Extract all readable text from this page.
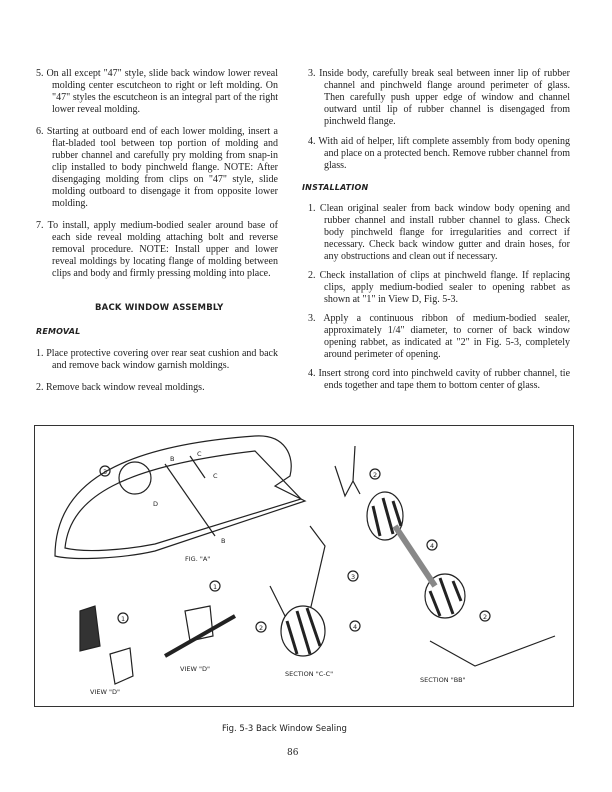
5. On all except "47" style, slide back window lower reveal molding center escutcheon to right or left molding. On "47" styles the escutcheon is an integral part of the right lower reveal molding.

6. Starting at outboard end of each lower molding, insert a flat-bladed tool between top portion of molding and rubber channel and carefully pry molding from snap-in clip installed to body pinchweld flange. NOTE: After disengaging molding from clips on "47" style, slide molding outboard to disengage it from opposite lower molding.

7. To install, apply medium-bodied sealer around base of each side reveal molding attaching bolt and reverse removal procedure. NOTE: Install upper and lower reveal moldings by locating flange of molding between clips and body and firmly pressing molding into place.

BACK WINDOW ASSEMBLY
REMOVAL

1. Place protective covering over rear seat cushion and back and remove back window garnish moldings.

2. Remove back window reveal moldings.

3. Inside body, carefully break seal between inner lip of rubber channel and pinchweld flange around perimeter of glass. Then carefully push upper edge of window and channel outward until lip of rubber channel is disengaged from pinchweld flange.

4. With aid of helper, lift complete assembly from body opening and place on a protected bench. Remove rubber channel from glass.

INSTALLATION

1. Clean original sealer from back window body opening and rubber channel and install rubber channel to glass. Check body pinchweld flange for irregularities and correct if necessary. Check back window gutter and drain hoses, for any obstructions and clean out if necessary.

2. Check installation of clips at pinchweld flange. If replacing clips, apply medium-bodied sealer to opening rabbet as shown at "1" in View D, Fig. 5-3.

3. Apply a continuous ribbon of medium-bodied sealer, approximately 1/4" diameter, to corner of back window opening rabbet, as indicated at "2" in Fig. 5-3, completely around perimeter of opening.

4. Insert strong cord into pinchweld cavity of rubber channel, tie ends together and tape them to bottom center of glass.

B
C
C
B
D
3
FIG. "A"
1
VIEW "D"
1
2
VIEW "D"
3
4
SECTION "C-C"
2
4
2
SECTION "BB"
Fig. 5-3 Back Window Sealing
86
